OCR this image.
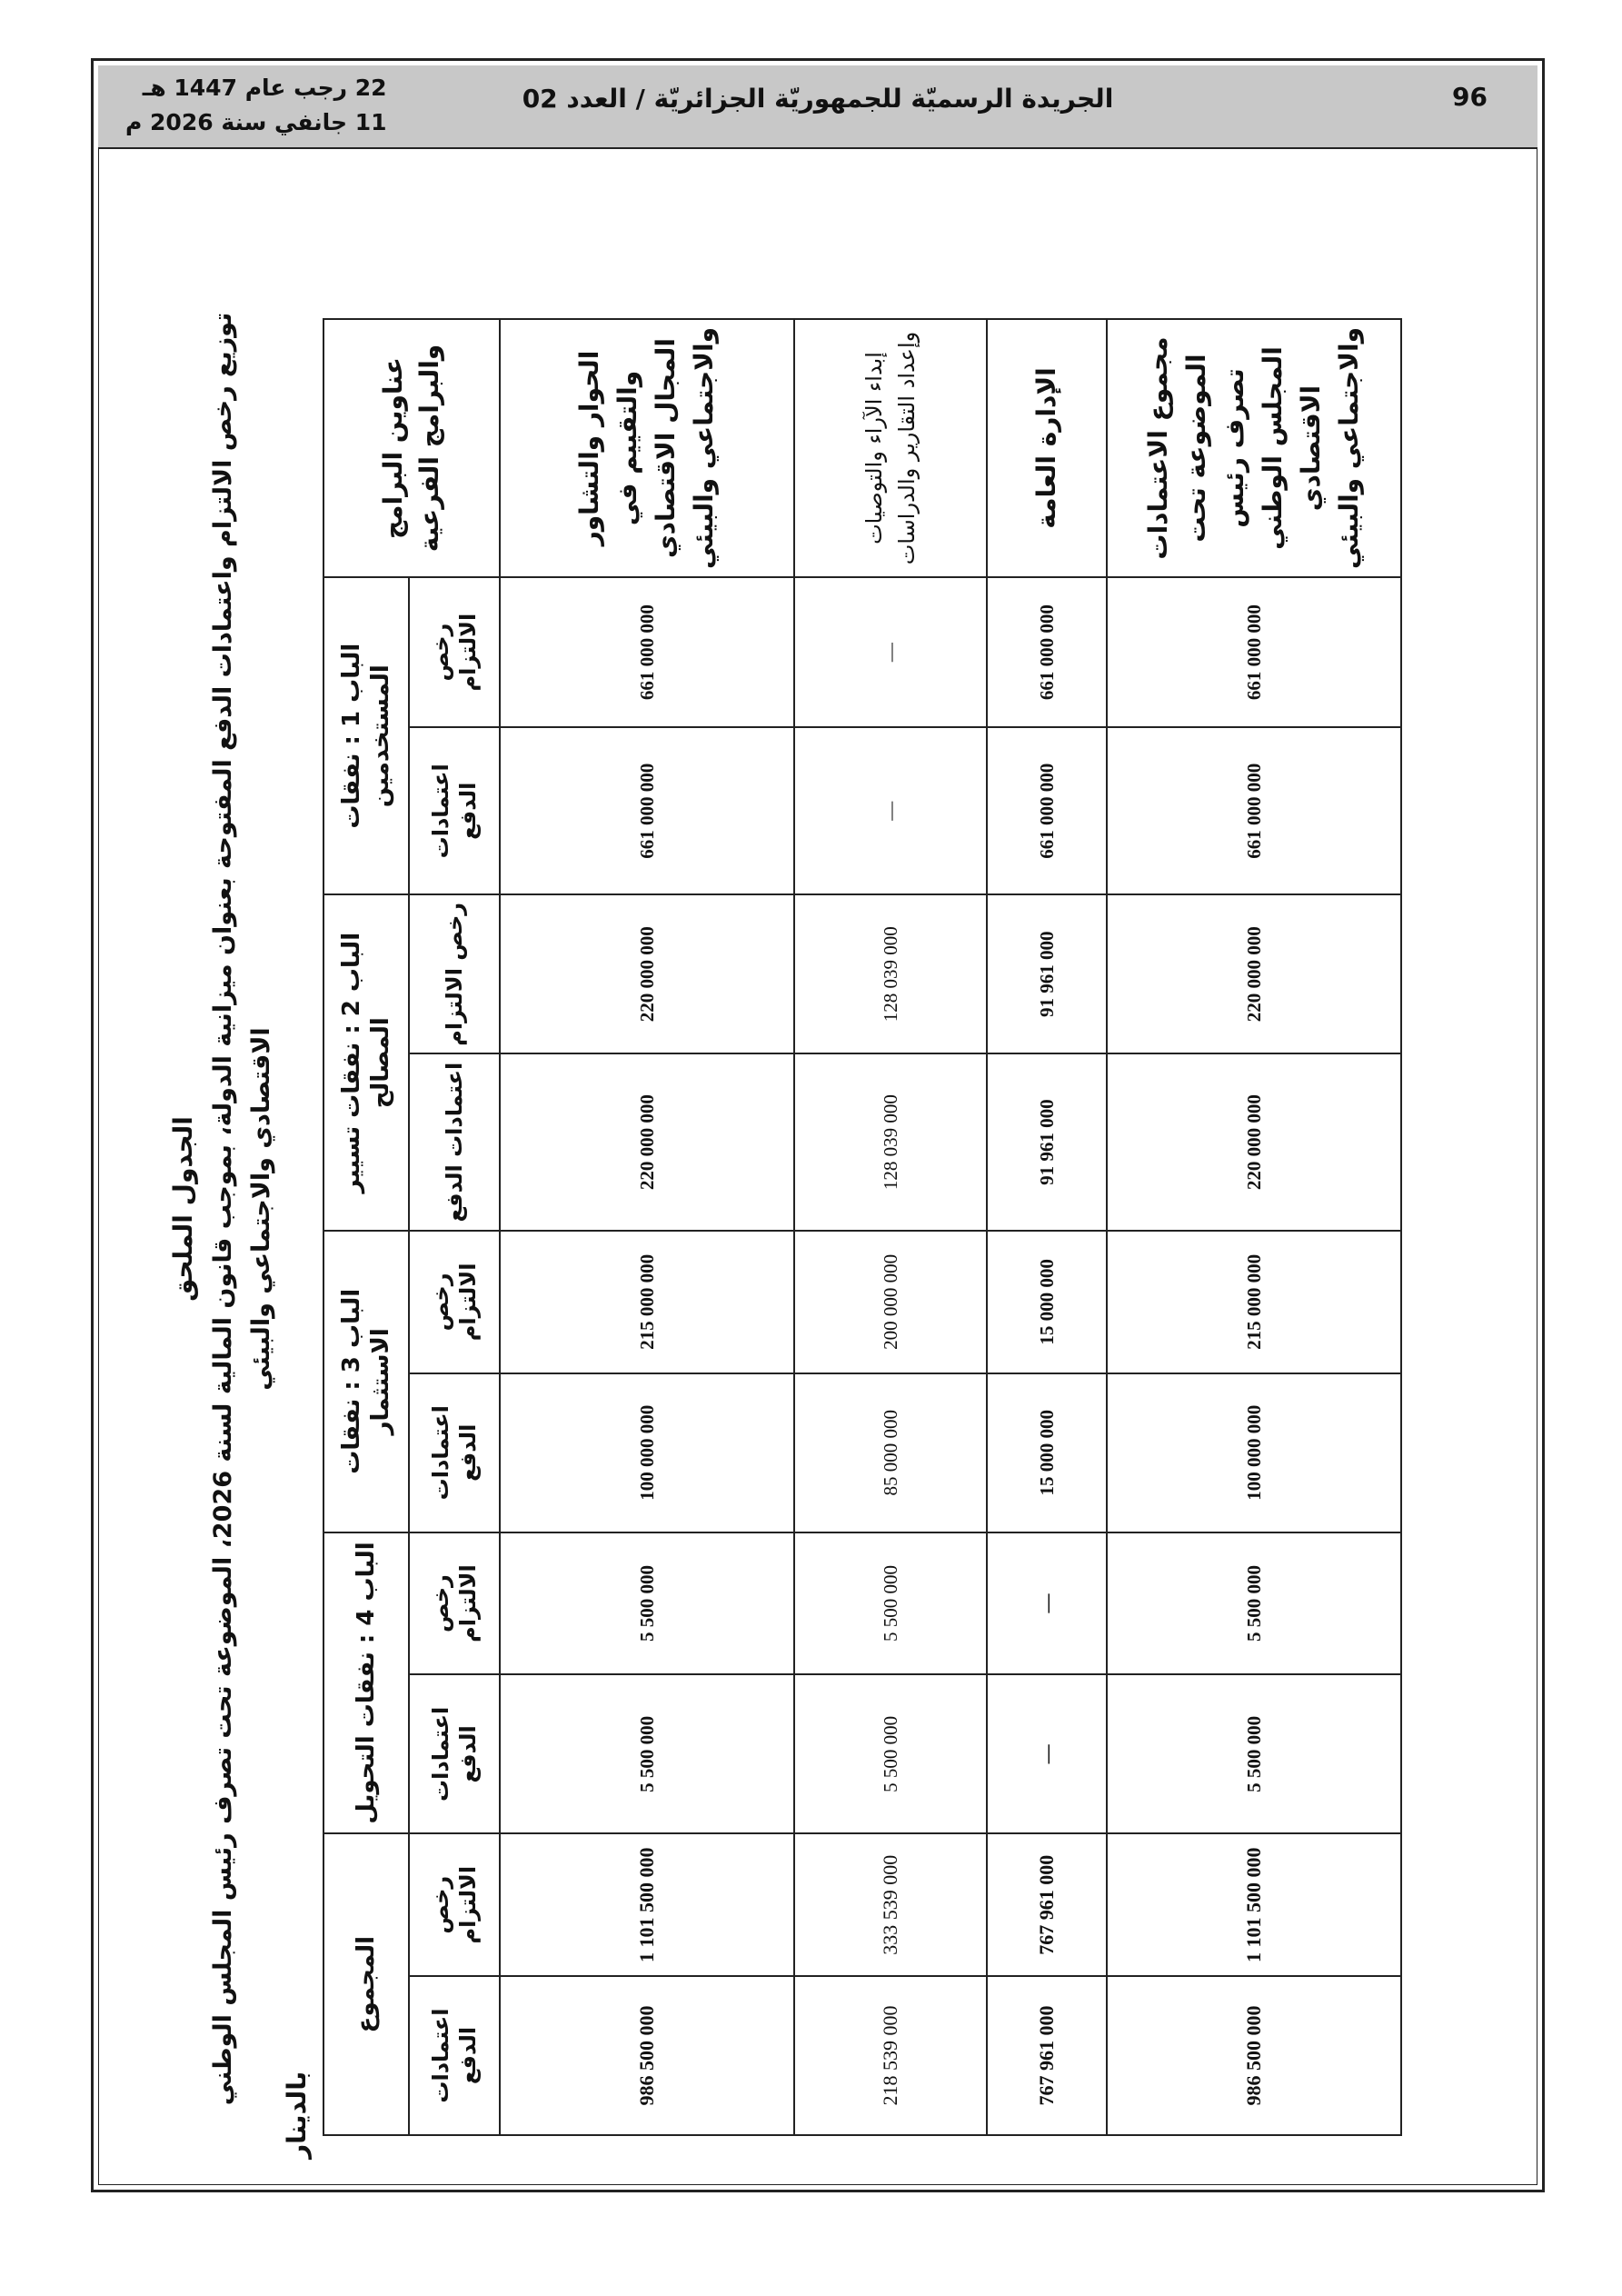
96
الجريدة الرسميّة للجمهوريّة الجزائريّة / العدد 02
22 رجب عام 1447 هـ
11 جانفي سنة 2026 م
الجدول الملحق
توزيع رخص الالتزام واعتمادات الدفع المفتوحة بعنوان ميزانية الدولة، بموجب قانون المالية لسنة 2026، الموضوعة تحت تصرف رئيس المجلس الوطني الاقتصادي والاجتماعي والبيئي
بالدينار
عناوين البرامج والبرامج الفرعية	الباب 1 : نفقات المستخدمين		الباب 2 : نفقات تسيير المصالح		الباب 3 : نفقات الاستثمار		الباب 4 : نفقات التحويل		المجموع	
	رخص الالتزام	اعتمادات الدفع	رخص الالتزام	اعتمادات الدفع	رخص الالتزام	اعتمادات الدفع	رخص الالتزام	اعتمادات الدفع	رخص الالتزام	اعتمادات الدفع
الحوار والتشاور والتقييم في المجال الاقتصادي والاجتماعي والبيئي	661 000 000	661 000 000	220 000 000	220 000 000	215 000 000	100 000 000	5 500 000	5 500 000	1 101 500 000	986 500 000
إبداء الآراء والتوصيات وإعداد التقارير والدراسات	—	—	128 039 000	128 039 000	200 000 000	85 000 000	5 500 000	5 500 000	333 539 000	218 539 000
الإدارة العامة	661 000 000	661 000 000	91 961 000	91 961 000	15 000 000	15 000 000	—	—	767 961 000	767 961 000
مجموع الاعتمادات الموضوعة تحت تصرف رئيس المجلس الوطني الاقتصادي والاجتماعي والبيئي	661 000 000	661 000 000	220 000 000	220 000 000	215 000 000	100 000 000	5 500 000	5 500 000	1 101 500 000	986 500 000
